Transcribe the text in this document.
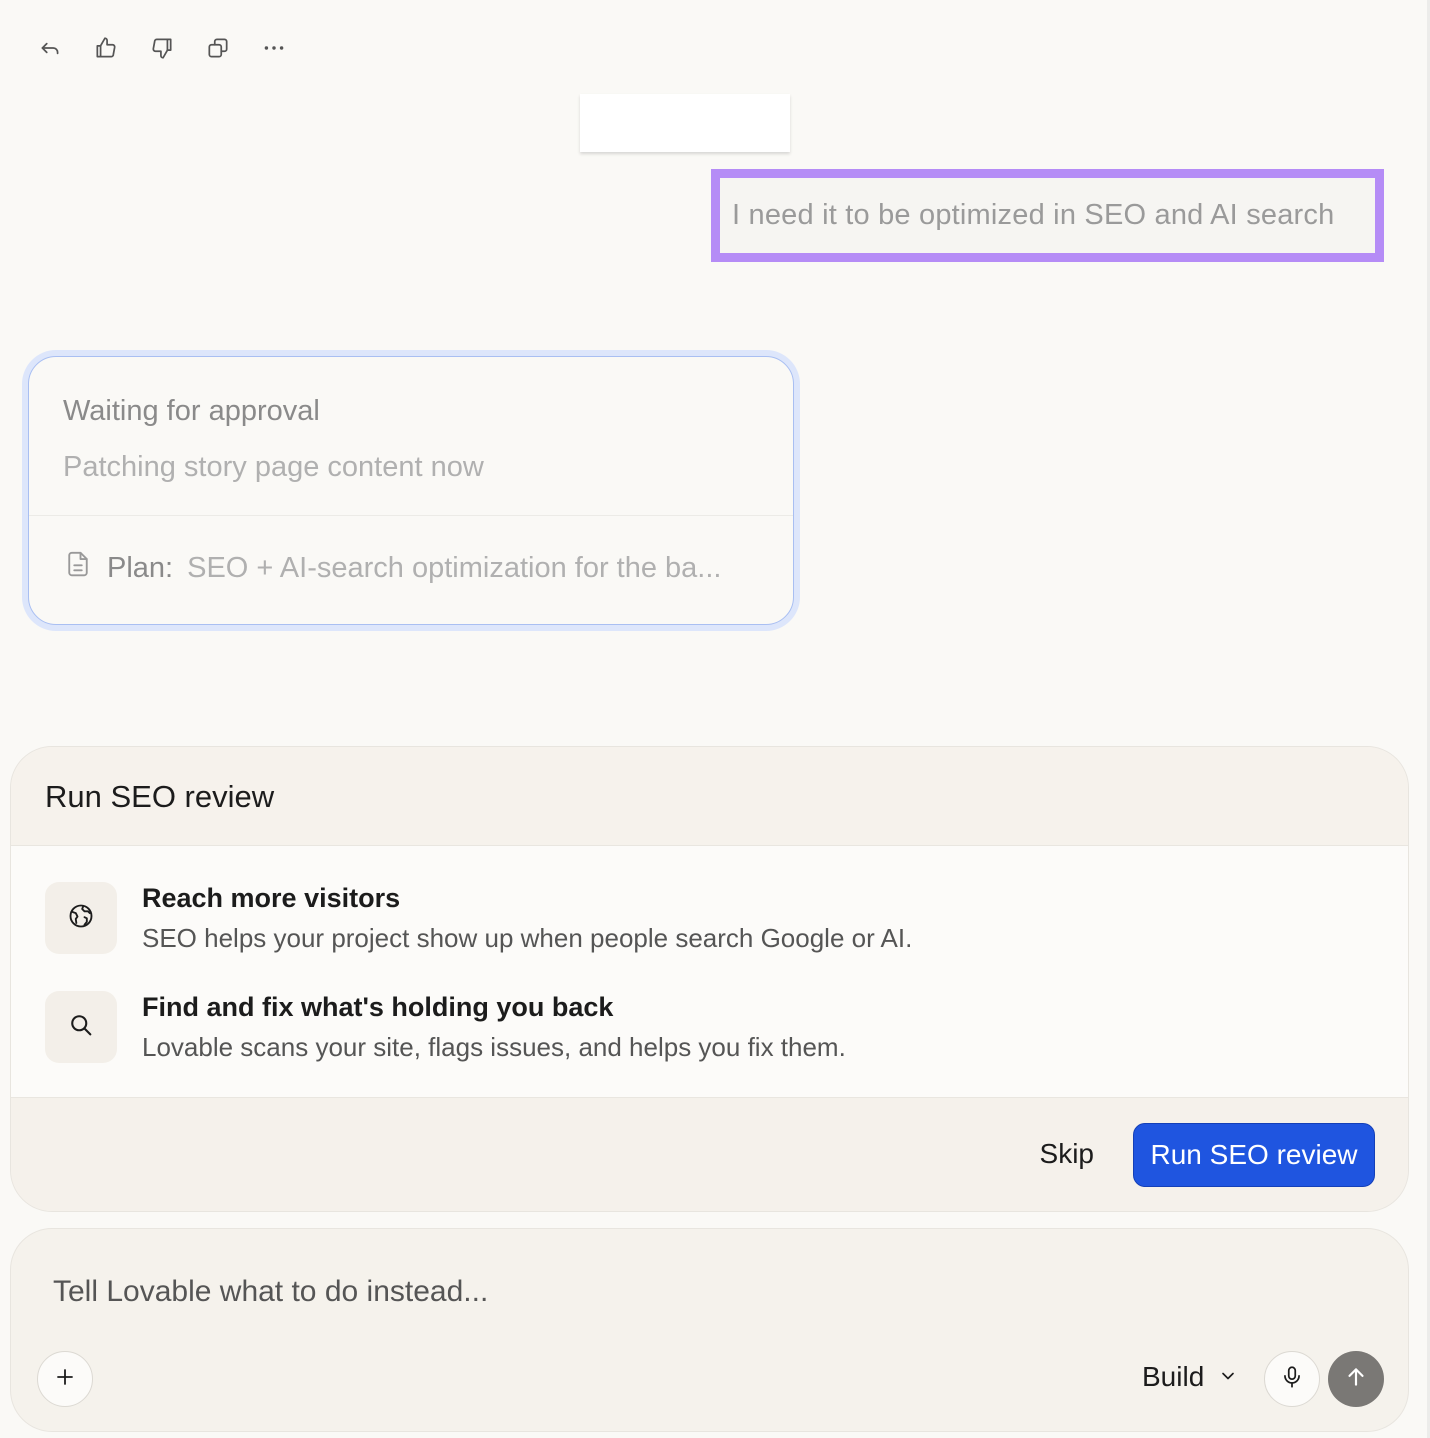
I need it to be optimized in SEO and AI search
Waiting for approval
Patching story page content now
Plan: SEO + AI-search optimization for the ba...
Run SEO review
Reach more visitors
SEO helps your project show up when people search Google or AI.
Find and fix what's holding you back
Lovable scans your site, flags issues, and helps you fix them.
Skip	Run SEO review
Tell Lovable what to do instead...
Build
